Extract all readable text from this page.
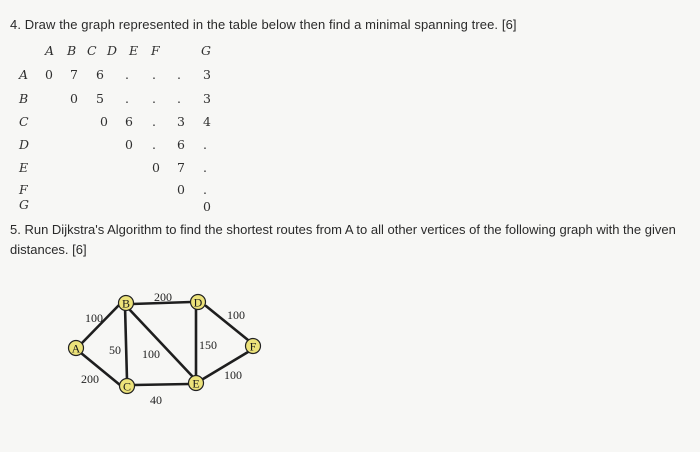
4. Draw the graph represented in the table below then find a minimal spanning tree. [6]
A B C D E F	G
A
B
C
D
E
F
G
0 7 6 . . . 3
0 5 . . . 3
0 6 . 3 4
0 . 6 .
0 7 .
0 .
0
5. Run Dijkstra's Algorithm to find the shortest routes from A to all other vertices of the following graph with the given distances. [6]
A
B
C
D
E
F
100
200
100
200
50 100
150
40
100
